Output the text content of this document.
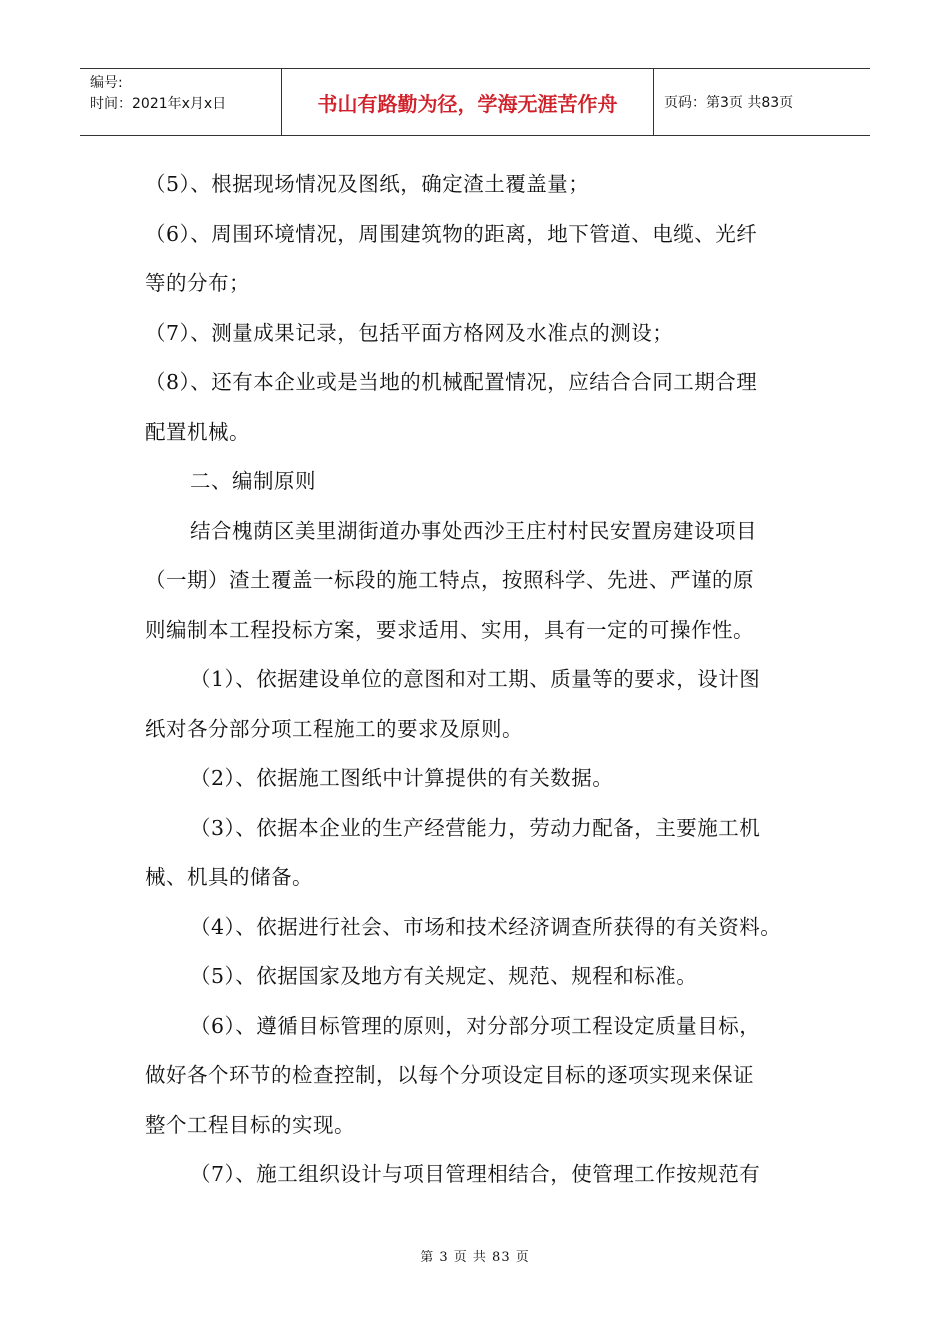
编号:
时间：2021年x月x日	书山有路勤为径，学海无涯苦作舟	页码：第3页 共83页
（5）、根据现场情况及图纸，确定渣土覆盖量；
（6）、周围环境情况，周围建筑物的距离，地下管道、电缆、光纤
等的分布；
（7）、测量成果记录，包括平面方格网及水准点的测设；
（8）、还有本企业或是当地的机械配置情况，应结合合同工期合理
配置机械。
二、编制原则
结合槐荫区美里湖街道办事处西沙王庄村村民安置房建设项目
（一期）渣土覆盖一标段的施工特点，按照科学、先进、严谨的原
则编制本工程投标方案，要求适用、实用，具有一定的可操作性。
（1）、依据建设单位的意图和对工期、质量等的要求，设计图
纸对各分部分项工程施工的要求及原则。
（2）、依据施工图纸中计算提供的有关数据。
（3）、依据本企业的生产经营能力，劳动力配备，主要施工机
械、机具的储备。
（4）、依据进行社会、市场和技术经济调查所获得的有关资料。
（5）、依据国家及地方有关规定、规范、规程和标准。
（6）、遵循目标管理的原则，对分部分项工程设定质量目标，
做好各个环节的检查控制，以每个分项设定目标的逐项实现来保证
整个工程目标的实现。
（7）、施工组织设计与项目管理相结合，使管理工作按规范有
第 3 页 共 83 页
